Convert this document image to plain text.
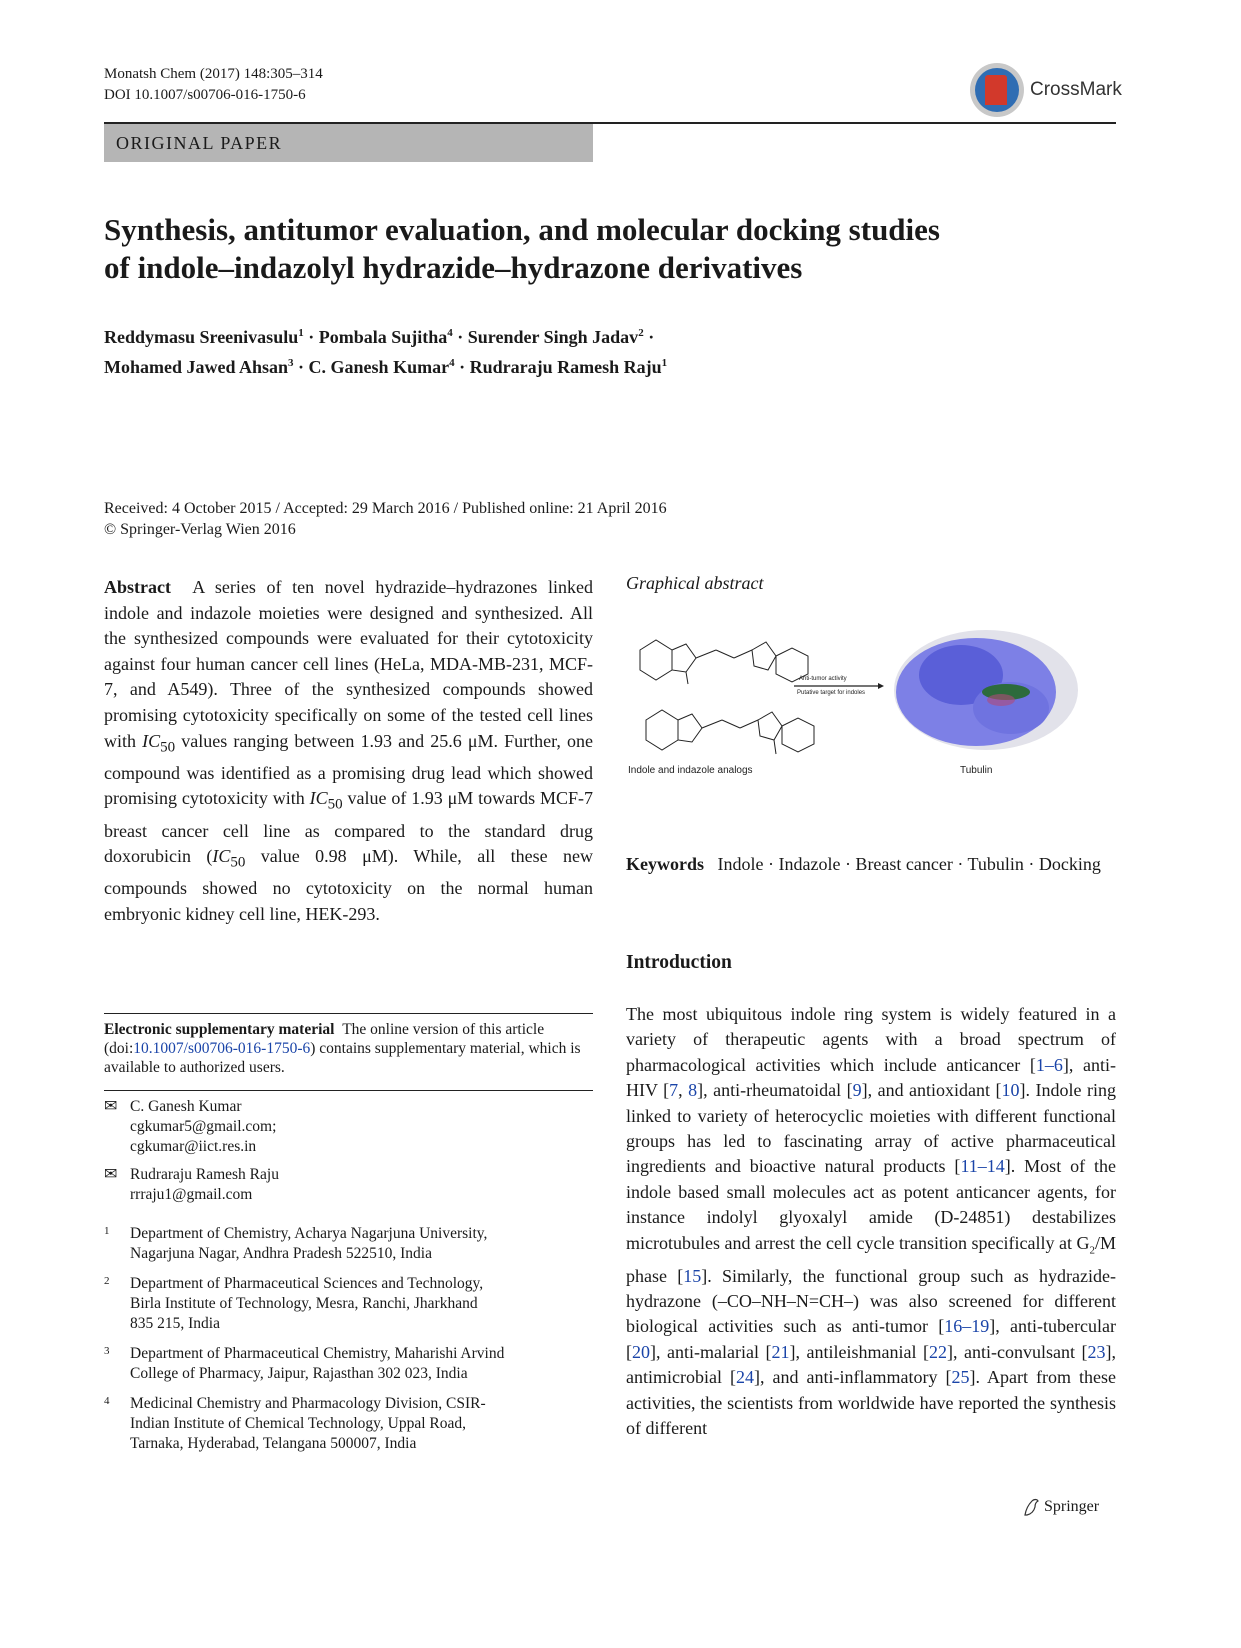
Monatsh Chem (2017) 148:305–314
DOI 10.1007/s00706-016-1750-6	CrossMark
ORIGINAL PAPER
Synthesis, antitumor evaluation, and molecular docking studies
of indole–indazolyl hydrazide–hydrazone derivatives
Reddymasu Sreenivasulu$^1$ · Pombala Sujitha$^4$ · Surender Singh Jadav$^2$ ·
Mohamed Jawed Ahsan$^3$ · C. Ganesh Kumar$^4$ · Rudraraju Ramesh Raju$^1$
Received: 4 October 2015 / Accepted: 29 March 2016 / Published online: 21 April 2016
© Springer-Verlag Wien 2016
Abstract A series of ten novel hydrazide–hydrazones linked indole and indazole moieties were designed and synthesized. All the synthesized compounds were evaluated for their cytotoxicity against four human cancer cell lines (HeLa, MDA-MB-231, MCF-7, and A549). Three of the synthesized compounds showed promising cytotoxicity specifically on some of the tested cell lines with $IC_{50}$ values ranging between 1.93 and 25.6 μM. Further, one compound was identified as a promising drug lead which showed promising cytotoxicity with $IC_{50}$ value of 1.93 μM towards MCF-7 breast cancer cell line as compared to the standard drug doxorubicin ($IC_{50}$ value 0.98 μM). While, all these new compounds showed no cytotoxicity on the normal human embryonic kidney cell line, HEK-293.
Electronic supplementary material The online version of this article (doi:10.1007/s00706-016-1750-6) contains supplementary material, which is available to authorized users.
✉ C. Ganesh Kumar
cgkumar5@gmail.com;
cgkumar@iict.res.in
✉ Rudraraju Ramesh Raju
rrraju1@gmail.com
1	Department of Chemistry, Acharya Nagarjuna University,
Nagarjuna Nagar, Andhra Pradesh 522510, India
2	Department of Pharmaceutical Sciences and Technology,
Birla Institute of Technology, Mesra, Ranchi, Jharkhand
835 215, India
3	Department of Pharmaceutical Chemistry, Maharishi Arvind
College of Pharmacy, Jaipur, Rajasthan 302 023, India
4	Medicinal Chemistry and Pharmacology Division, CSIR-
Indian Institute of Chemical Technology, Uppal Road,
Tarnaka, Hyderabad, Telangana 500007, India
Graphical abstract
Indole and indazole analogs
Anti-tumor activity
Putative target for indoles
Tubulin
Keywords Indole · Indazole · Breast cancer · Tubulin · Docking
Introduction
The most ubiquitous indole ring system is widely featured in a variety of therapeutic agents with a broad spectrum of pharmacological activities which include anticancer [1–6], anti-HIV [7, 8], anti-rheumatoidal [9], and antioxidant [10]. Indole ring linked to variety of heterocyclic moieties with different functional groups has led to fascinating array of active pharmaceutical ingredients and bioactive natural products [11–14]. Most of the indole based small molecules act as potent anticancer agents, for instance indolyl glyoxalyl amide (D-24851) destabilizes microtubules and arrest the cell cycle transition specifically at $G_2/M$ phase [15]. Similarly, the functional group such as hydrazide-hydrazone (–CO–NH–N=CH–) was also screened for different biological activities such as anti-tumor [16–19], anti-tubercular [20], anti-malarial [21], antileishmanial [22], anti-convulsant [23], antimicrobial [24], and anti-inflammatory [25]. Apart from these activities, the scientists from worldwide have reported the synthesis of different
Springer
